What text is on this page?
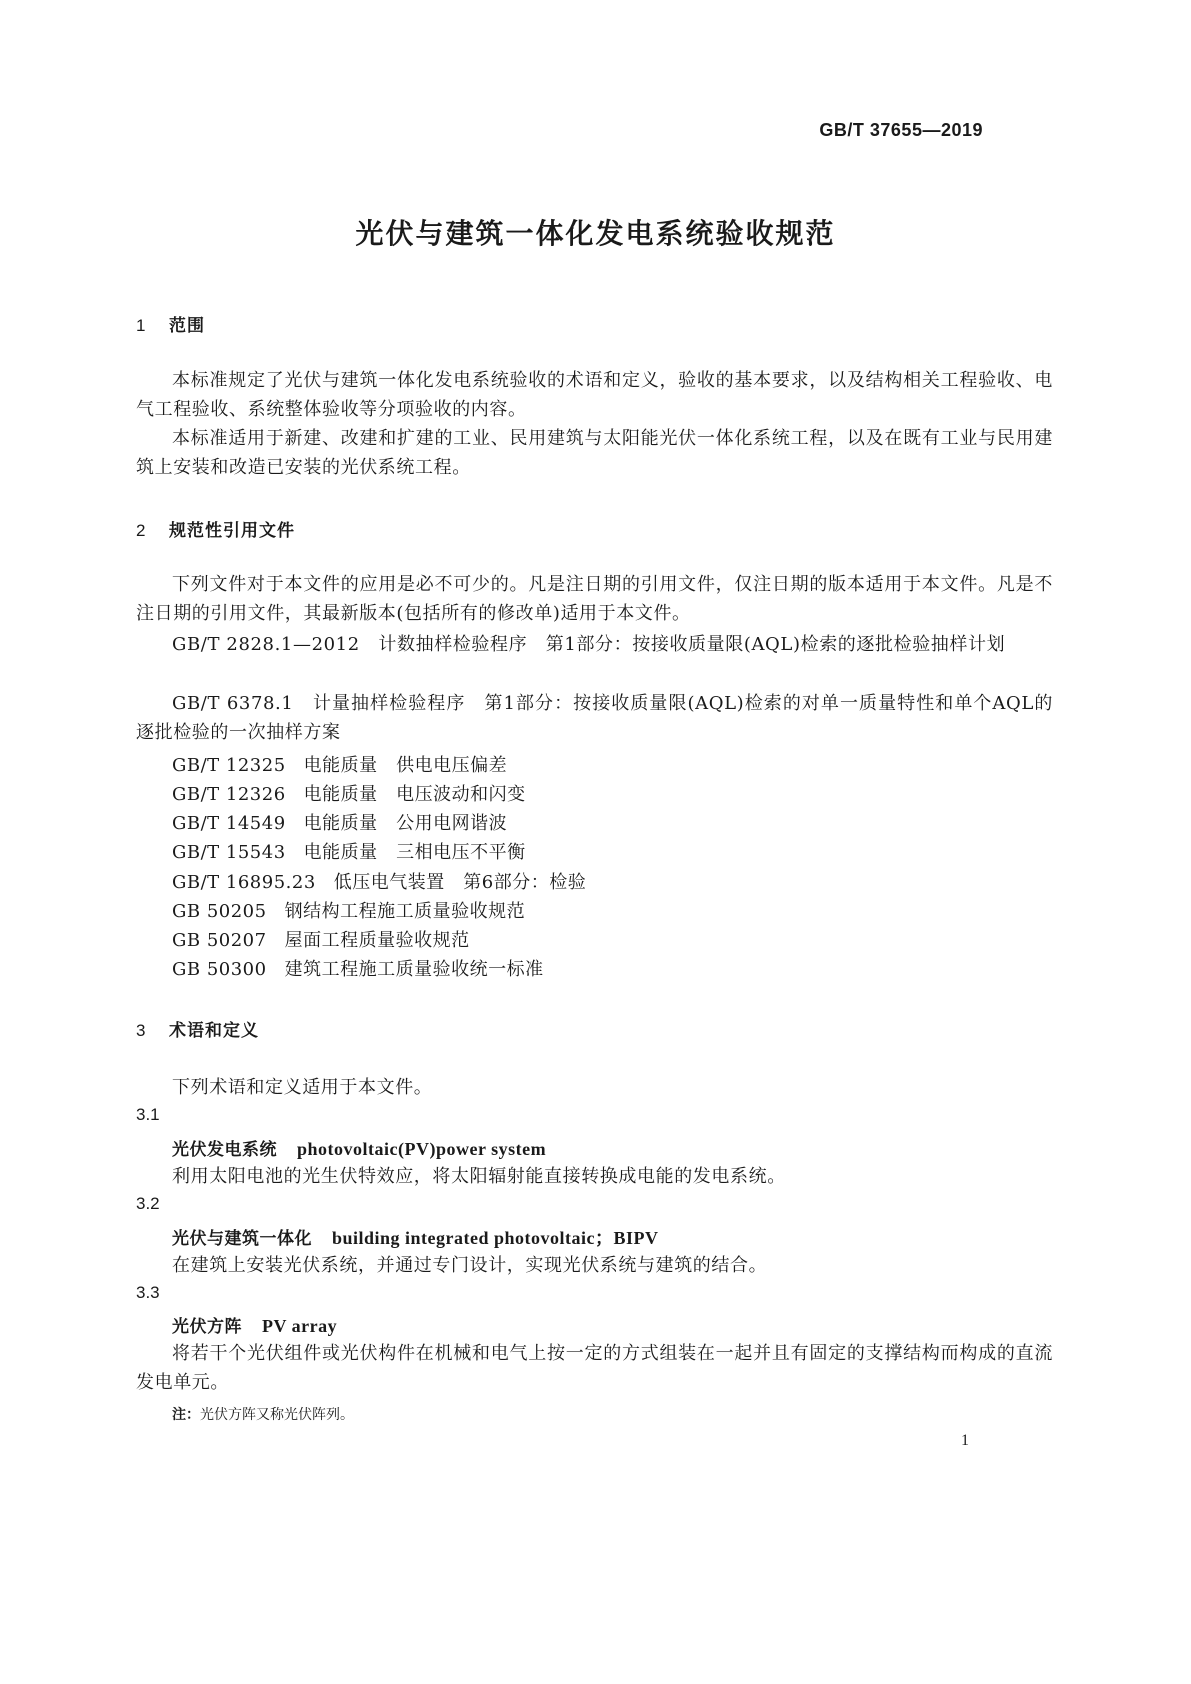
GB/T 37655—2019
光伏与建筑一体化发电系统验收规范
1 范围
本标准规定了光伏与建筑一体化发电系统验收的术语和定义，验收的基本要求，以及结构相关工程验收、电气工程验收、系统整体验收等分项验收的内容。
本标准适用于新建、改建和扩建的工业、民用建筑与太阳能光伏一体化系统工程，以及在既有工业与民用建筑上安装和改造已安装的光伏系统工程。
2 规范性引用文件
下列文件对于本文件的应用是必不可少的。凡是注日期的引用文件，仅注日期的版本适用于本文件。凡是不注日期的引用文件，其最新版本(包括所有的修改单)适用于本文件。
GB/T 2828.1—2012　计数抽样检验程序　第1部分：按接收质量限(AQL)检索的逐批检验抽样计划
GB/T 6378.1　计量抽样检验程序　第1部分：按接收质量限(AQL)检索的对单一质量特性和单个AQL的逐批检验的一次抽样方案
GB/T 12325 电能质量　供电电压偏差
GB/T 12326 电能质量　电压波动和闪变
GB/T 14549 电能质量　公用电网谐波
GB/T 15543 电能质量　三相电压不平衡
GB/T 16895.23 低压电气装置　第6部分：检验
GB 50205 钢结构工程施工质量验收规范
GB 50207 屋面工程质量验收规范
GB 50300 建筑工程施工质量验收统一标准
3 术语和定义
下列术语和定义适用于本文件。
3.1
光伏发电系统 photovoltaic(PV)power system
利用太阳电池的光生伏特效应，将太阳辐射能直接转换成电能的发电系统。
3.2
光伏与建筑一体化 building integrated photovoltaic；BIPV
在建筑上安装光伏系统，并通过专门设计，实现光伏系统与建筑的结合。
3.3
光伏方阵 PV array
将若干个光伏组件或光伏构件在机械和电气上按一定的方式组装在一起并且有固定的支撑结构而构成的直流发电单元。
注：光伏方阵又称光伏阵列。
1
